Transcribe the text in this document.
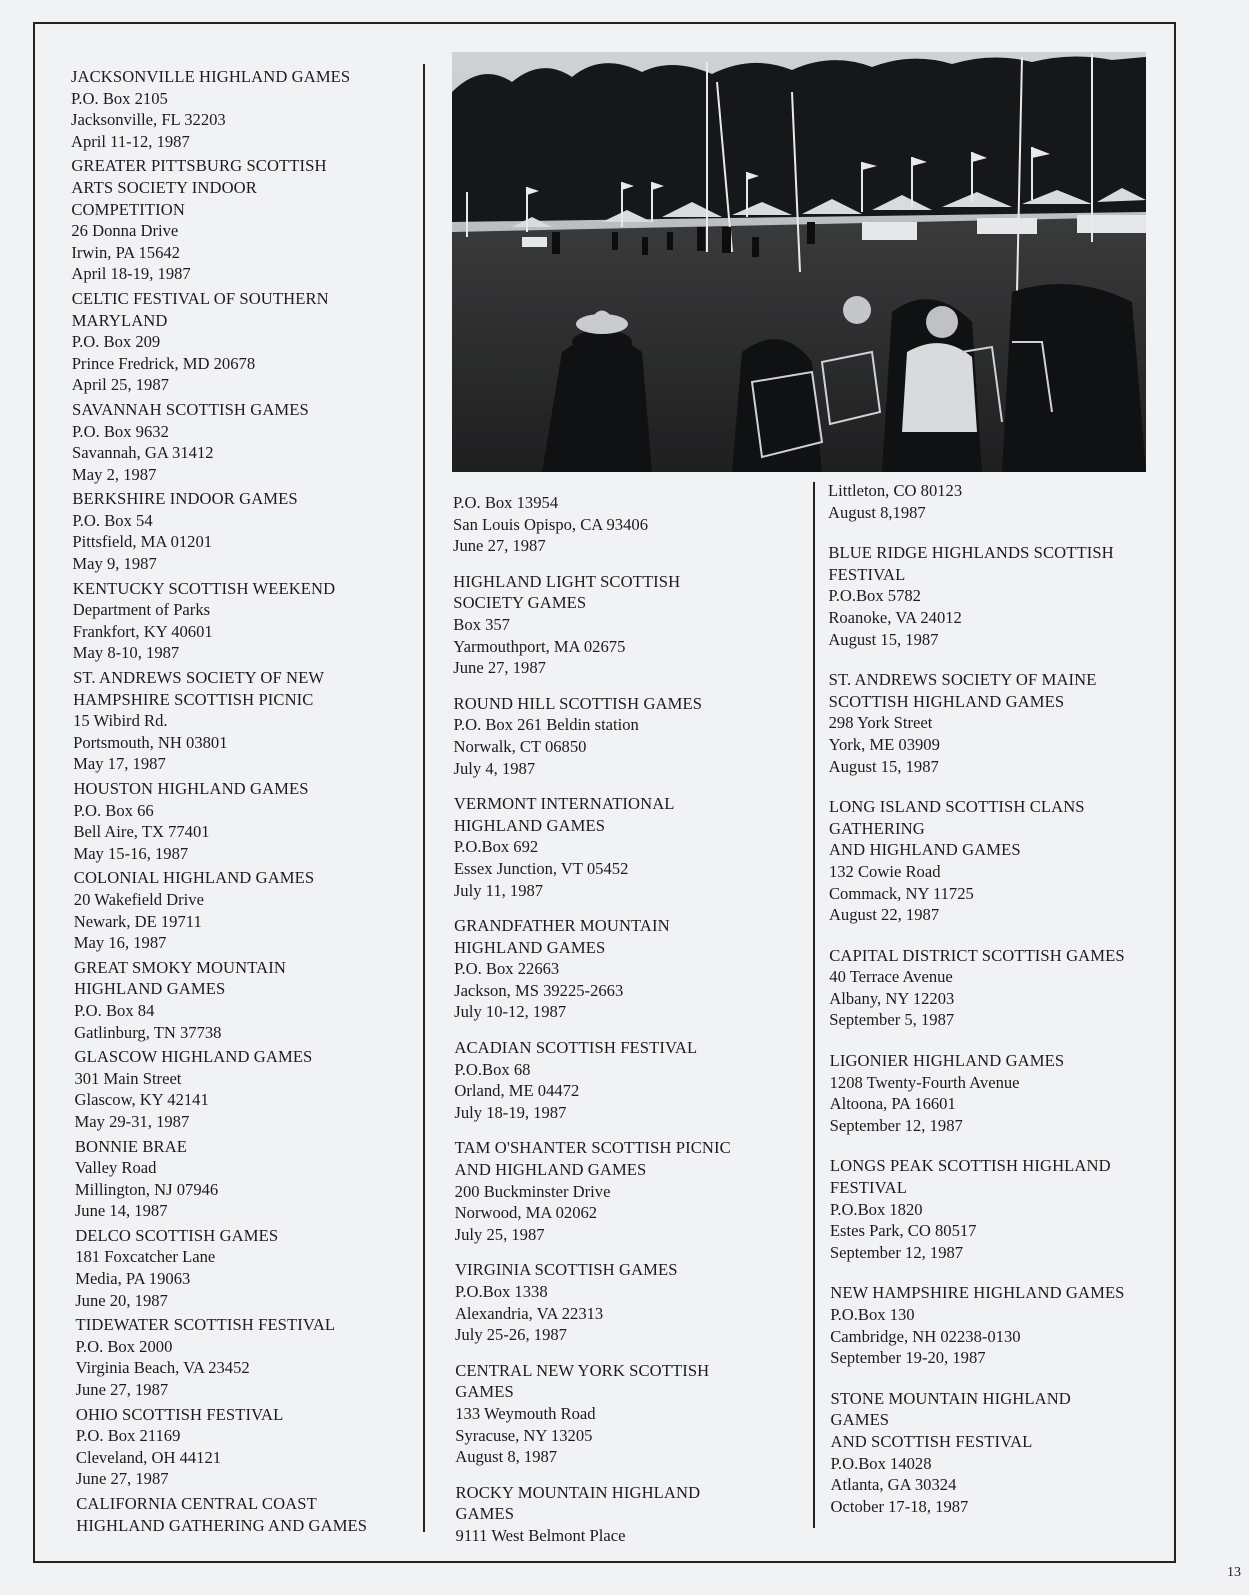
JACKSONVILLE HIGHLAND GAMES
P.O. Box 2105
Jacksonville, FL 32203
April 11-12, 1987
GREATER PITTSBURG SCOTTISH
ARTS SOCIETY INDOOR
COMPETITION
26 Donna Drive
Irwin, PA 15642
April 18-19, 1987
CELTIC FESTIVAL OF SOUTHERN
MARYLAND
P.O. Box 209
Prince Fredrick, MD 20678
April 25, 1987
SAVANNAH SCOTTISH GAMES
P.O. Box 9632
Savannah, GA 31412
May 2, 1987
BERKSHIRE INDOOR GAMES
P.O. Box 54
Pittsfield, MA 01201
May 9, 1987
KENTUCKY SCOTTISH WEEKEND
Department of Parks
Frankfort, KY 40601
May 8-10, 1987
ST. ANDREWS SOCIETY OF NEW
HAMPSHIRE SCOTTISH PICNIC
15 Wibird Rd.
Portsmouth, NH 03801
May 17, 1987
HOUSTON HIGHLAND GAMES
P.O. Box 66
Bell Aire, TX 77401
May 15-16, 1987
COLONIAL HIGHLAND GAMES
20 Wakefield Drive
Newark, DE 19711
May 16, 1987
GREAT SMOKY MOUNTAIN
HIGHLAND GAMES
P.O. Box 84
Gatlinburg, TN 37738
GLASCOW HIGHLAND GAMES
301 Main Street
Glascow, KY 42141
May 29-31, 1987
BONNIE BRAE
Valley Road
Millington, NJ 07946
June 14, 1987
DELCO SCOTTISH GAMES
181 Foxcatcher Lane
Media, PA 19063
June 20, 1987
TIDEWATER SCOTTISH FESTIVAL
P.O. Box 2000
Virginia Beach, VA 23452
June 27, 1987
OHIO SCOTTISH FESTIVAL
P.O. Box 21169
Cleveland, OH 44121
June 27, 1987
CALIFORNIA CENTRAL COAST
HIGHLAND GATHERING AND GAMES
P.O. Box 13954
San Louis Opispo, CA 93406
June 27, 1987
HIGHLAND LIGHT SCOTTISH
SOCIETY GAMES
Box 357
Yarmouthport, MA 02675
June 27, 1987
ROUND HILL SCOTTISH GAMES
P.O. Box 261 Beldin station
Norwalk, CT 06850
July 4, 1987
VERMONT INTERNATIONAL
HIGHLAND GAMES
P.O.Box 692
Essex Junction, VT 05452
July 11, 1987
GRANDFATHER MOUNTAIN
HIGHLAND GAMES
P.O. Box 22663
Jackson, MS 39225-2663
July 10-12, 1987
ACADIAN SCOTTISH FESTIVAL
P.O.Box 68
Orland, ME 04472
July 18-19, 1987
TAM O'SHANTER SCOTTISH PICNIC
AND HIGHLAND GAMES
200 Buckminster Drive
Norwood, MA 02062
July 25, 1987
VIRGINIA SCOTTISH GAMES
P.O.Box 1338
Alexandria, VA 22313
July 25-26, 1987
CENTRAL NEW YORK SCOTTISH
GAMES
133 Weymouth Road
Syracuse, NY 13205
August 8, 1987
ROCKY MOUNTAIN HIGHLAND
GAMES
9111 West Belmont Place
Littleton, CO 80123
August 8,1987
BLUE RIDGE HIGHLANDS SCOTTISH
FESTIVAL
P.O.Box 5782
Roanoke, VA 24012
August 15, 1987
ST. ANDREWS SOCIETY OF MAINE
SCOTTISH HIGHLAND GAMES
298 York Street
York, ME 03909
August 15, 1987
LONG ISLAND SCOTTISH CLANS
GATHERING
AND HIGHLAND GAMES
132 Cowie Road
Commack, NY 11725
August 22, 1987
CAPITAL DISTRICT SCOTTISH GAMES
40 Terrace Avenue
Albany, NY 12203
September 5, 1987
LIGONIER HIGHLAND GAMES
1208 Twenty-Fourth Avenue
Altoona, PA 16601
September 12, 1987
LONGS PEAK SCOTTISH HIGHLAND
FESTIVAL
P.O.Box 1820
Estes Park, CO 80517
September 12, 1987
NEW HAMPSHIRE HIGHLAND GAMES
P.O.Box 130
Cambridge, NH 02238-0130
September 19-20, 1987
STONE MOUNTAIN HIGHLAND
GAMES
AND SCOTTISH FESTIVAL
P.O.Box 14028
Atlanta, GA 30324
October 17-18, 1987
13
